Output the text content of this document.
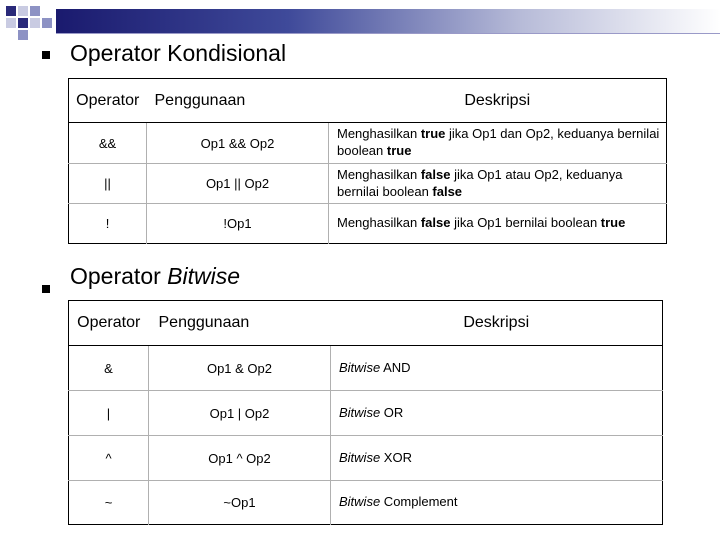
Operator Kondisional
Operator	Penggunaan	Deskripsi
&&	Op1 && Op2	Menghasilkan true jika Op1 dan Op2, keduanya bernilai boolean true
||	Op1 || Op2	Menghasilkan false jika Op1 atau Op2, keduanya bernilai boolean false
!	!Op1	Menghasilkan false jika Op1 bernilai boolean true
Operator Bitwise
Operator	Penggunaan	Deskripsi
&	Op1 & Op2	Bitwise AND
|	Op1 | Op2	Bitwise OR
^	Op1 ^ Op2	Bitwise XOR
~	~Op1	Bitwise Complement
